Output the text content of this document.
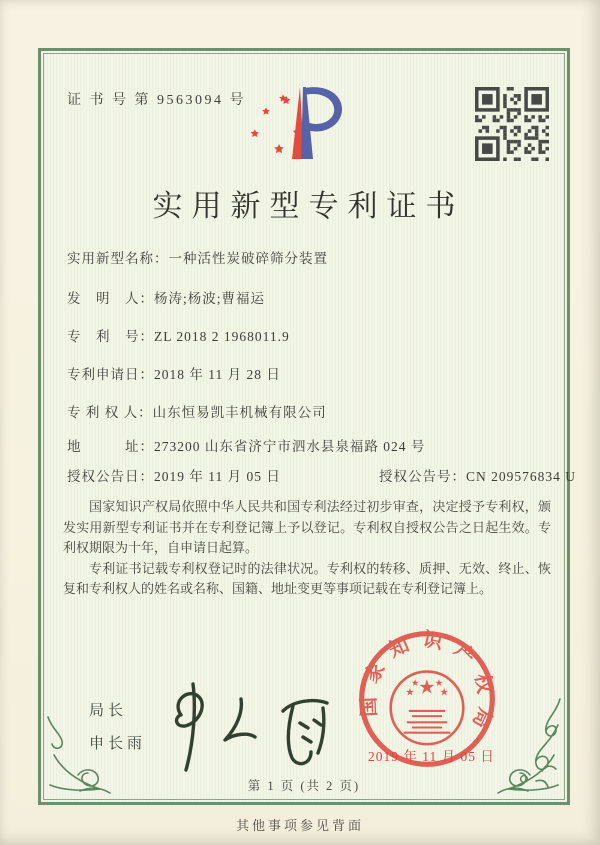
证 书 号 第 9563094 号
实用新型专利证书
实用新型名称：一种活性炭破碎筛分装置
发　明　人：杨涛;杨波;曹福运
专　利　号：ZL 2018 2 1968011.9
专利申请日：2018 年 11 月 28 日
专 利 权 人：山东恒易凯丰机械有限公司
地　　　址：273200 山东省济宁市泗水县泉福路 024 号
授权公告日：2019 年 11 月 05 日	授权公告号：CN 209576834 U

国家知识产权局依照中华人民共和国专利法经过初步审查，决定授予专利权，颁发实用新型专利证书并在专利登记簿上予以登记。专利权自授权公告之日起生效。专利权期限为十年，自申请日起算。

专利证书记载专利权登记时的法律状况。专利权的转移、质押、无效、终止、恢复和专利权人的姓名或名称、国籍、地址变更等事项记载在专利登记簿上。

局长
申长雨
国家知识产权局
★
★ ★
★ ★
2019 年 11 月 05 日
第 1 页 (共 2 页)
其他事项参见背面
